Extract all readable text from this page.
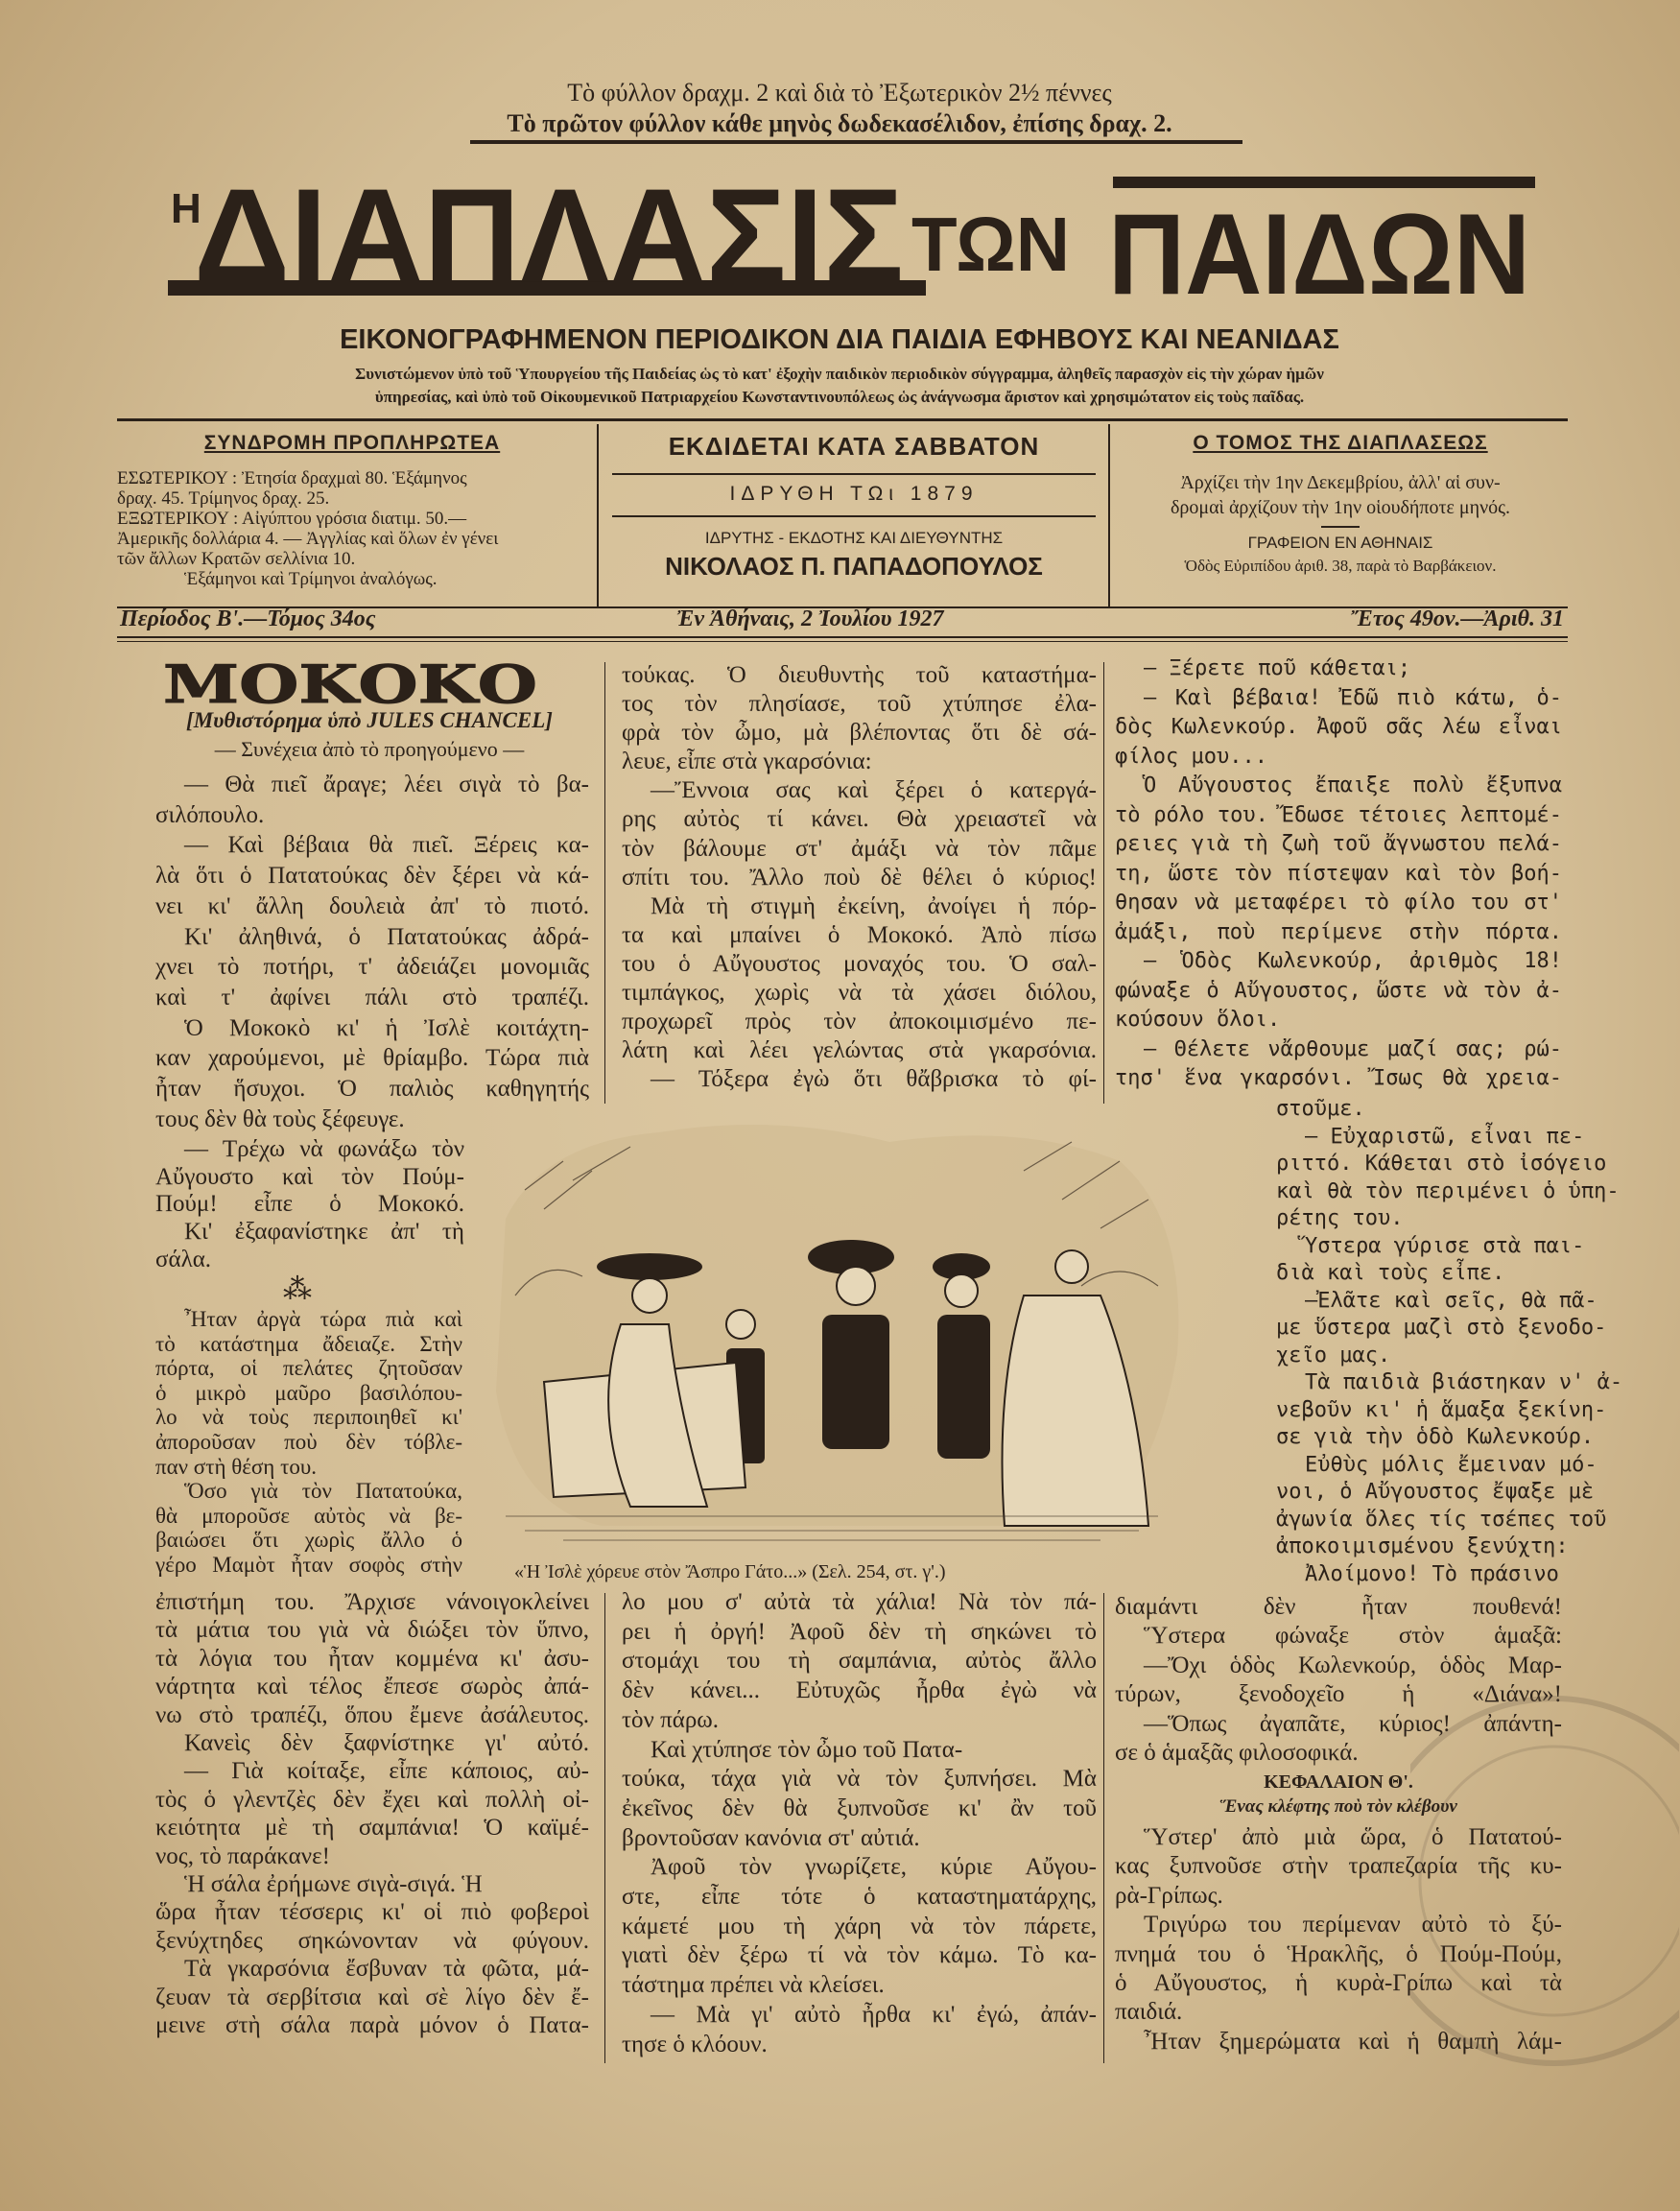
Τὸ φύλλον δραχμ. 2 καὶ διὰ τὸ Ἐξωτερικὸν 2½ πέννες
Τὸ πρῶτον φύλλον κάθε μηνὸς δωδεκασέλιδον, ἐπίσης δραχ. 2.
Η
ΔΙΑΠΛΑΣΙΣ ΤΩΝ ΠΑΙΔΩΝ
ΕΙΚΟΝΟΓΡΑΦΗΜΕΝΟΝ ΠΕΡΙΟΔΙΚΟΝ ΔΙΑ ΠΑΙΔΙΑ ΕΦΗΒΟΥΣ ΚΑΙ ΝΕΑΝΙΔΑΣ
Συνιστώμενον ὑπὸ τοῦ Ὑπουργείου τῆς Παιδείας ὡς τὸ κατ' ἐξοχὴν παιδικὸν περιοδικὸν σύγγραμμα, ἀληθεῖς παρασχὸν εἰς τὴν χώραν ἡμῶν
ὑπηρεσίας, καὶ ὑπὸ τοῦ Οἰκουμενικοῦ Πατριαρχείου Κωνσταντινουπόλεως ὡς ἀνάγνωσμα ἄριστον καὶ χρησιμώτατον εἰς τοὺς παῖδας.
ΣΥΝΔΡΟΜΗ ΠΡΟΠΛΗΡΩΤΕΑ
ΕΣΩΤΕΡΙΚΟΥ : Ἐτησία δραχμαὶ 80. Ἑξάμηνος
δραχ. 45. Τρίμηνος δραχ. 25.
ΕΞΩΤΕΡΙΚΟΥ : Αἰγύπτου γρόσια διατιμ. 50.—
Ἀμερικῆς δολλάρια 4. — Ἀγγλίας καὶ ὅλων ἐν γένει
τῶν ἄλλων Κρατῶν σελλίνια 10.
Ἑξάμηνοι καὶ Τρίμηνοι ἀναλόγως.
ΕΚΔΙΔΕΤΑΙ ΚΑΤΑ ΣΑΒΒΑΤΟΝ
ΙΔΡΥΘΗ ΤΩι 1879
ΙΔΡΥΤΗΣ - ΕΚΔΟΤΗΣ ΚΑΙ ΔΙΕΥΘΥΝΤΗΣ
ΝΙΚΟΛΑΟΣ Π. ΠΑΠΑΔΟΠΟΥΛΟΣ
Ο ΤΟΜΟΣ ΤΗΣ ΔΙΑΠΛΑΣΕΩΣ
Ἀρχίζει τὴν 1ην Δεκεμβρίου, ἀλλ' αἱ συν-
δρομαὶ ἀρχίζουν τὴν 1ην οἱουδήποτε μηνός.
ΓΡΑΦΕΙΟΝ ΕΝ ΑΘΗΝΑΙΣ
Ὁδὸς Εὐριπίδου ἀριθ. 38, παρὰ τὸ Βαρβάκειον.
Περίοδος Β'.—Τόμος 34ος	Ἐν Ἀθήναις, 2 Ἰουλίου 1927	Ἔτος 49ον.—Ἀριθ. 31
ΜΟΚΟΚΟ
[Μυθιστόρημα ὑπὸ JULES CHANCEL]
— Συνέχεια ἀπὸ τὸ προηγούμενο —
— Θὰ πιεῖ ἄραγε; λέει σιγὰ τὸ βα-
σιλόπουλο.
— Καὶ βέβαια θὰ πιεῖ. Ξέρεις κα-
λὰ ὅτι ὁ Πατατούκας δὲν ξέρει νὰ κά-
νει κι' ἄλλη δουλειὰ ἀπ' τὸ πιοτό.
Κι' ἀληθινά, ὁ Πατατούκας ἀδρά-
χνει τὸ ποτήρι, τ' ἀδειάζει μονομιᾶς
καὶ τ' ἀφίνει πάλι στὸ τραπέζι.
Ὁ Μοκοκὸ κι' ἡ Ἰσλὲ κοιτάχτη-
καν χαρούμενοι, μὲ θρίαμβο. Τώρα πιὰ
ἦταν ἥσυχοι. Ὁ παλιὸς καθηγητής
τους δὲν θὰ τοὺς ξέφευγε.
— Τρέχω νὰ φωνάξω τὸν
Αὔγουστο καὶ τὸν Πούμ-
Πούμ! εἶπε ὁ Μοκοκό.
Κι' ἐξαφανίστηκε ἀπ' τὴ
σάλα.
⁂
Ἦταν ἀργὰ τώρα πιὰ καὶ
τὸ κατάστημα ἄδειαζε. Στὴν
πόρτα, οἱ πελάτες ζητοῦσαν
ὁ μικρὸ μαῦρο βασιλόπου-
λο νὰ τοὺς περιποιηθεῖ κι'
ἀποροῦσαν ποὺ δὲν τόβλε-
παν στὴ θέση του.
Ὅσο γιὰ τὸν Πατατούκα,
θὰ μποροῦσε αὐτὸς νὰ βε-
βαιώσει ὅτι χωρὶς ἄλλο ὁ
γέρο Μαμὸτ ἦταν σοφὸς στὴν
ἐπιστήμη του. Ἄρχισε νάνοιγοκλείνει
τὰ μάτια του γιὰ νὰ διώξει τὸν ὕπνο,
τὰ λόγια του ἦταν κομμένα κι' ἀσυ-
νάρτητα καὶ τέλος ἔπεσε σωρὸς ἀπά-
νω στὸ τραπέζι, ὅπου ἔμενε ἀσάλευτος.
Κανεὶς δὲν ξαφνίστηκε γι' αὐτό.
— Γιὰ κοίταξε, εἶπε κάποιος, αὐ-
τὸς ὁ γλεντζὲς δὲν ἔχει καὶ πολλὴ οἰ-
κειότητα μὲ τὴ σαμπάνια! Ὁ καϊμέ-
νος, τὸ παράκανε!
Ἡ σάλα ἐρήμωνε σιγὰ-σιγά. Ἡ
ὥρα ἦταν τέσσερις κι' οἱ πιὸ φοβεροὶ
ξενύχτηδες σηκώνονταν νὰ φύγουν.
Τὰ γκαρσόνια ἔσβυναν τὰ φῶτα, μά-
ζευαν τὰ σερβίτσια καὶ σὲ λίγο δὲν ἔ-
μεινε στὴ σάλα παρὰ μόνον ὁ Πατα-
τούκας. Ὁ διευθυντὴς τοῦ καταστήμα-
τος τὸν πλησίασε, τοῦ χτύπησε ἐλα-
φρὰ τὸν ὦμο, μὰ βλέποντας ὅτι δὲ σά-
λευε, εἶπε στὰ γκαρσόνια:
—Ἔννοια σας καὶ ξέρει ὁ κατεργά-
ρης αὐτὸς τί κάνει. Θὰ χρειαστεῖ νὰ
τὸν βάλουμε στ' ἀμάξι νὰ τὸν πᾶμε
σπίτι του. Ἄλλο ποὺ δὲ θέλει ὁ κύριος!
Μὰ τὴ στιγμὴ ἐκείνη, ἀνοίγει ἡ πόρ-
τα καὶ μπαίνει ὁ Μοκοκό. Ἀπὸ πίσω
του ὁ Αὔγουστος μοναχός του. Ὁ σαλ-
τιμπάγκος, χωρὶς νὰ τὰ χάσει διόλου,
προχωρεῖ πρὸς τὸν ἀποκοιμισμένο πε-
λάτη καὶ λέει γελώντας στὰ γκαρσόνια.
— Τόξερα ἐγὼ ὅτι θἄβρισκα τὸ φί-
λο μου σ' αὐτὰ τὰ χάλια! Νὰ τὸν πά-
ρει ἡ ὀργή! Ἀφοῦ δὲν τὴ σηκώνει τὸ
στομάχι του τὴ σαμπάνια, αὐτὸς ἄλλο
δὲν κάνει... Εὐτυχῶς ἦρθα ἐγὼ νὰ
τὸν πάρω.
Καὶ χτύπησε τὸν ὦμο τοῦ Πατα-
τούκα, τάχα γιὰ νὰ τὸν ξυπνήσει. Μὰ
ἐκεῖνος δὲν θὰ ξυπνοῦσε κι' ἂν τοῦ
βροντοῦσαν κανόνια στ' αὐτιά.
Ἀφοῦ τὸν γνωρίζετε, κύριε Αὔγου-
στε, εἶπε τότε ὁ καταστηματάρχης,
κάμετέ μου τὴ χάρη νὰ τὸν πάρετε,
γιατὶ δὲν ξέρω τί νὰ τὸν κάμω. Τὸ κα-
τάστημα πρέπει νὰ κλείσει.
— Μὰ γι' αὐτὸ ἦρθα κι' ἐγώ, ἀπάν-
τησε ὁ κλόουν.
— Ξέρετε ποῦ κάθεται;
— Καὶ βέβαια! Ἐδῶ πιὸ κάτω, ὁ-
δὸς Κωλενκούρ. Ἀφοῦ σᾶς λέω εἶναι
φίλος μου...
Ὁ Αὔγουστος ἔπαιξε πολὺ ἔξυπνα
τὸ ρόλο του. Ἔδωσε τέτοιες λεπτομέ-
ρειες γιὰ τὴ ζωὴ τοῦ ἄγνωστου πελά-
τη, ὥστε τὸν πίστεψαν καὶ τὸν βοή-
θησαν νὰ μεταφέρει τὸ φίλο του στ'
ἀμάξι, ποὺ περίμενε στὴν πόρτα.
— Ὁδὸς Κωλενκούρ, ἀριθμὸς 18!
φώναξε ὁ Αὔγουστος, ὥστε νὰ τὸν ἀ-
κούσουν ὅλοι.
— Θέλετε νἄρθουμε μαζί σας; ρώ-
τησ' ἕνα γκαρσόνι. Ἴσως θὰ χρεια-
στοῦμε.
— Εὐχαριστῶ, εἶναι πε-
ριττό. Κάθεται στὸ ἰσόγειο
καὶ θὰ τὸν περιμένει ὁ ὑπη-
ρέτης του.
Ὕστερα γύρισε στὰ παι-
διὰ καὶ τοὺς εἶπε.
—Ἐλᾶτε καὶ σεῖς, θὰ πᾶ-
με ὕστερα μαζὶ στὸ ξενοδο-
χεῖο μας.
Τὰ παιδιὰ βιάστηκαν ν' ἀ-
νεβοῦν κι' ἡ ἅμαξα ξεκίνη-
σε γιὰ τὴν ὁδὸ Κωλενκούρ.
Εὐθὺς μόλις ἔμειναν μό-
νοι, ὁ Αὔγουστος ἔψαξε μὲ
ἀγωνία ὅλες τίς τσέπες τοῦ
ἀποκοιμισμένου ξενύχτη:
Ἀλοίμονο! Τὸ πράσινο
διαμάντι δὲν ἦταν πουθενά!
Ὕστερα φώναξε στὸν ἁμαξᾶ:
—Ὄχι ὁδὸς Κωλενκούρ, ὁδὸς Μαρ-
τύρων, ξενοδοχεῖο ἡ «Διάνα»!
—Ὅπως ἀγαπᾶτε, κύριος! ἀπάντη-
σε ὁ ἁμαξᾶς φιλοσοφικά.
ΚΕΦΑΛΑΙΟΝ Θ'.
Ἕνας κλέφτης ποὺ τὸν κλέβουν
Ὕστερ' ἀπὸ μιὰ ὥρα, ὁ Πατατού-
κας ξυπνοῦσε στὴν τραπεζαρία τῆς κυ-
ρὰ-Γρίπως.
Τριγύρω του περίμεναν αὐτὸ τὸ ξύ-
πνημά του ὁ Ἡρακλῆς, ὁ Πούμ-Πούμ,
ὁ Αὔγουστος, ἡ κυρὰ-Γρίπω καὶ τὰ
παιδιά.
Ἦταν ξημερώματα καὶ ἡ θαμπὴ λάμ-
«Ἡ Ἰσλὲ χόρευε στὸν Ἄσπρο Γάτο...» (Σελ. 254, στ. γ'.)
